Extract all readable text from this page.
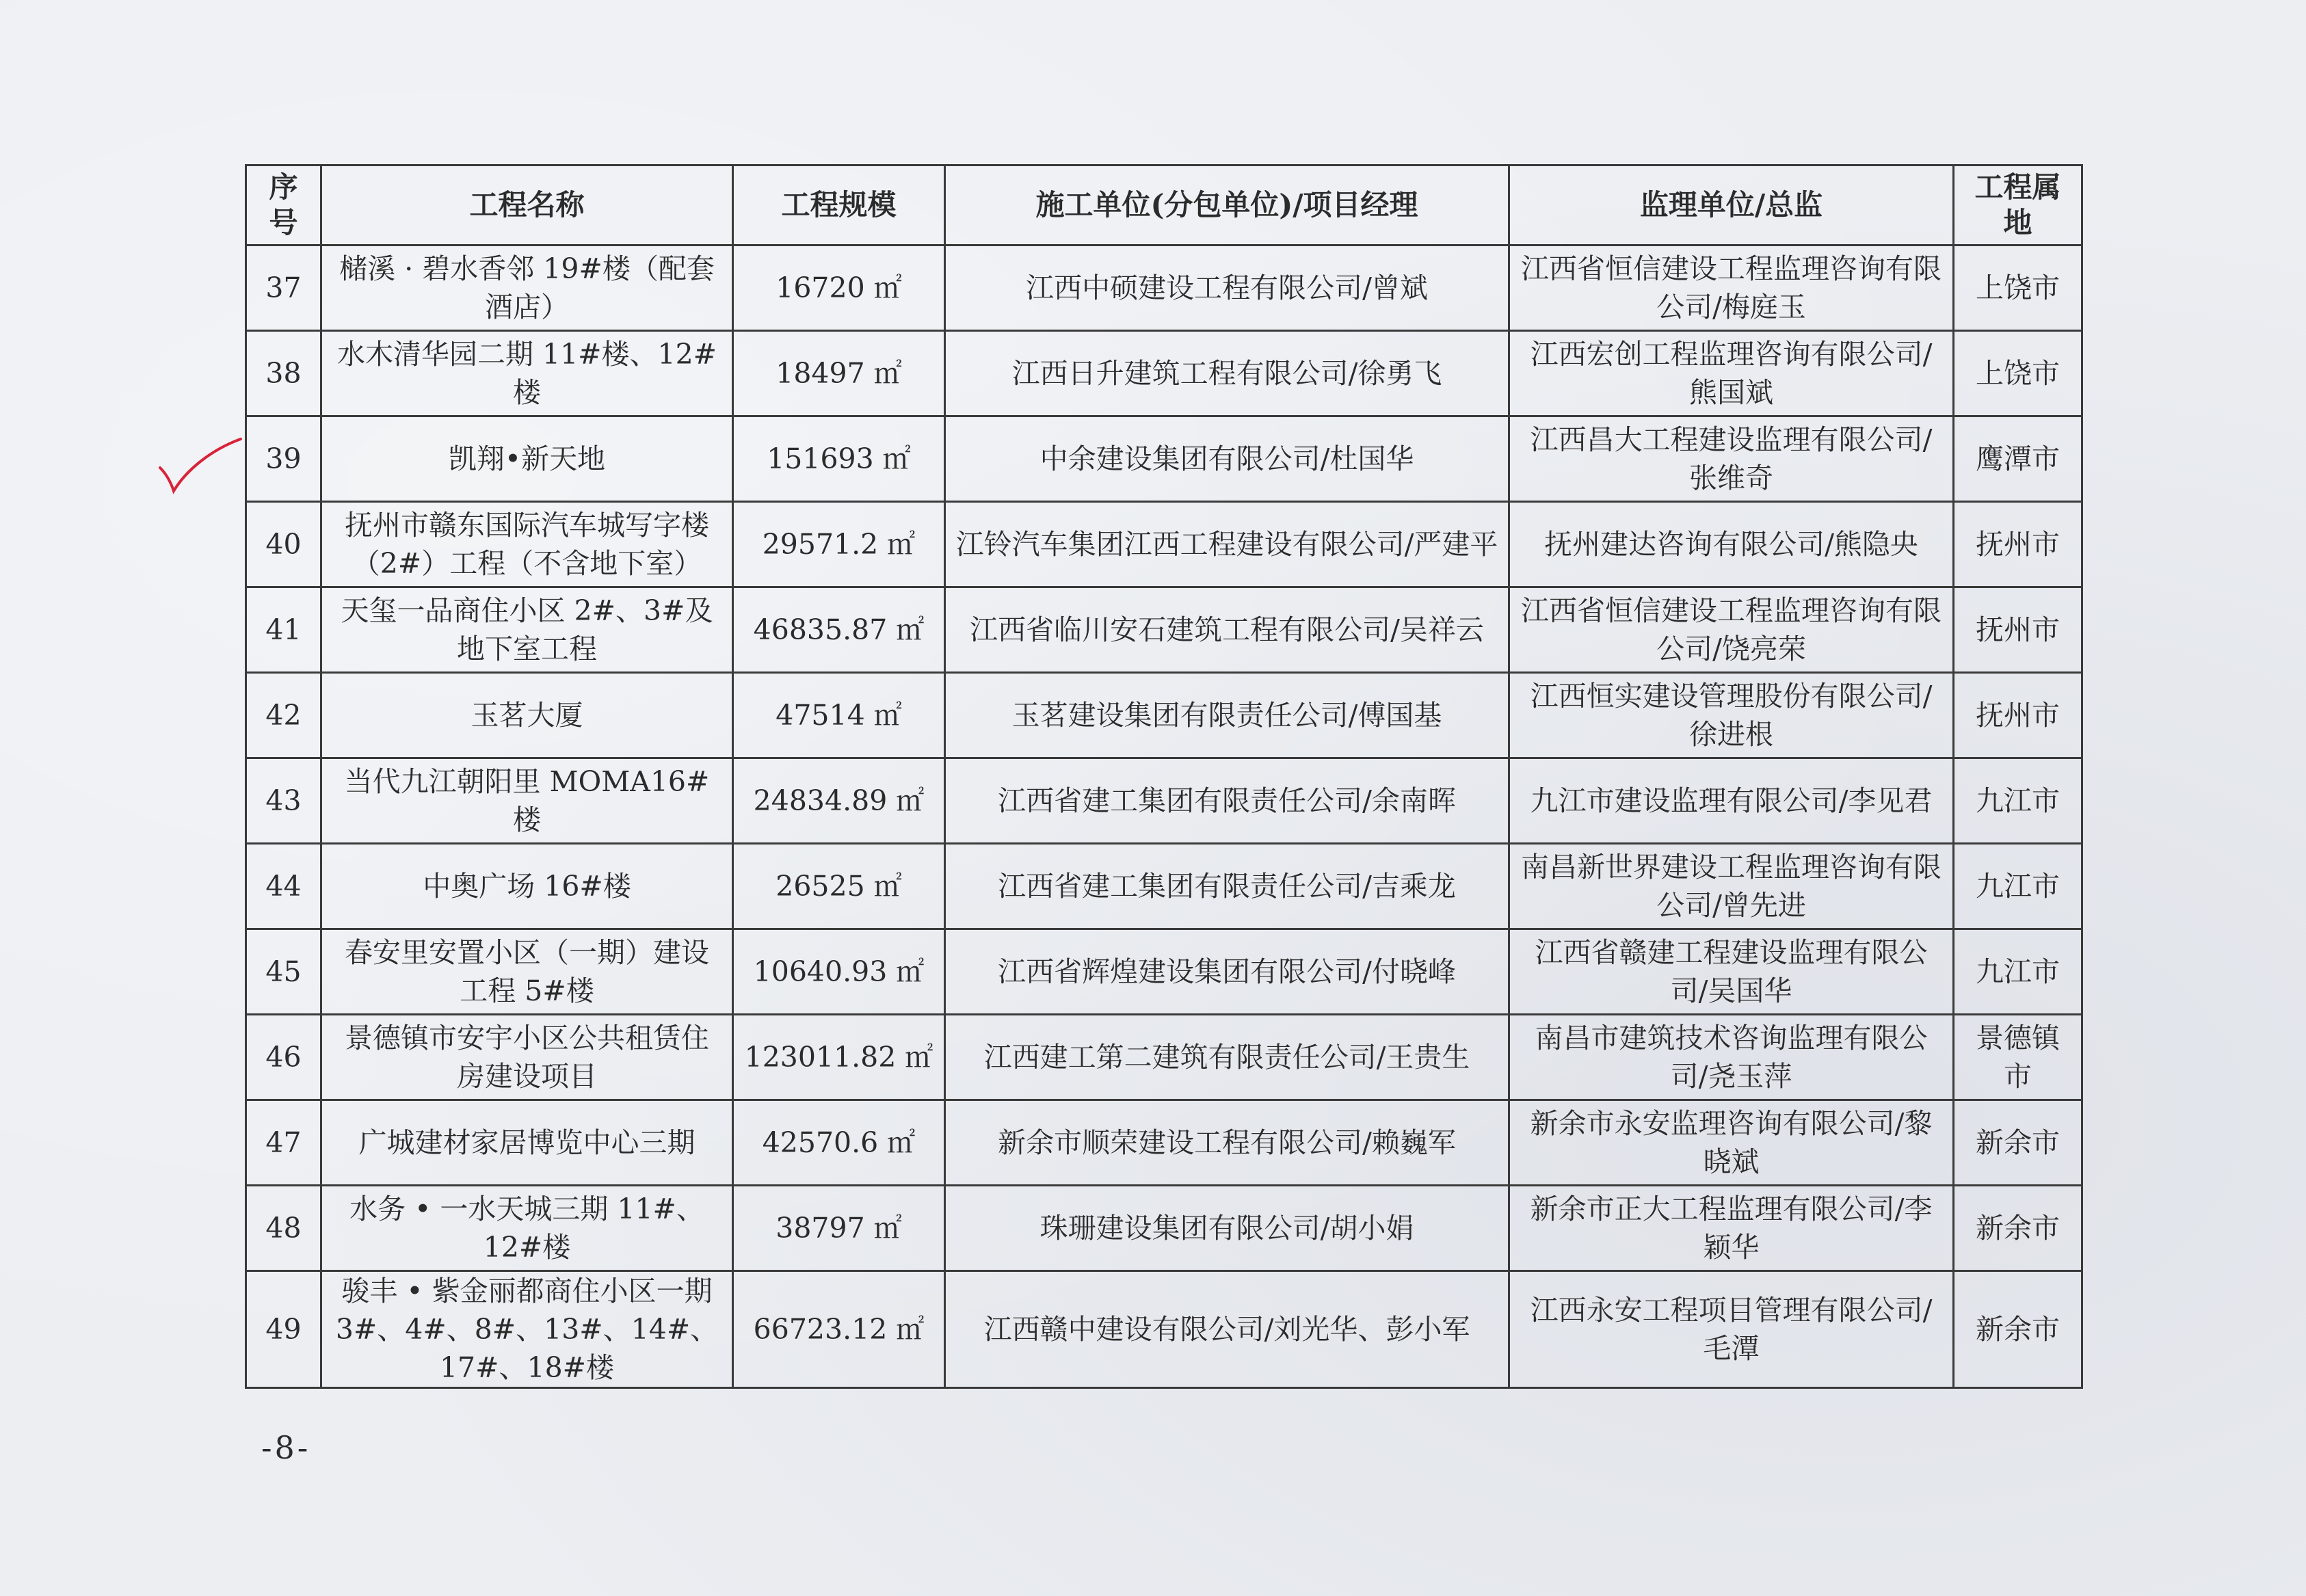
序号	工程名称	工程规模	施工单位(分包单位)/项目经理	监理单位/总监	工程属地
37	槠溪 · 碧水香邻 19#楼（配套酒店）	16720 ㎡	江西中硕建设工程有限公司/曾斌	江西省恒信建设工程监理咨询有限公司/梅庭玉	上饶市
38	水木清华园二期 11#楼、12#楼	18497 ㎡	江西日升建筑工程有限公司/徐勇飞	江西宏创工程监理咨询有限公司/熊国斌	上饶市
39	凯翔•新天地	151693 ㎡	中余建设集团有限公司/杜国华	江西昌大工程建设监理有限公司/张维奇	鹰潭市
40	抚州市赣东国际汽车城写字楼（2#）工程（不含地下室）	29571.2 ㎡	江铃汽车集团江西工程建设有限公司/严建平	抚州建达咨询有限公司/熊隐央	抚州市
41	天玺一品商住小区 2#、3#及地下室工程	46835.87 ㎡	江西省临川安石建筑工程有限公司/吴祥云	江西省恒信建设工程监理咨询有限公司/饶亮荣	抚州市
42	玉茗大厦	47514 ㎡	玉茗建设集团有限责任公司/傅国基	江西恒实建设管理股份有限公司/徐进根	抚州市
43	当代九江朝阳里 MOMA16#楼	24834.89 ㎡	江西省建工集团有限责任公司/余南晖	九江市建设监理有限公司/李见君	九江市
44	中奥广场 16#楼	26525 ㎡	江西省建工集团有限责任公司/吉乘龙	南昌新世界建设工程监理咨询有限公司/曾先进	九江市
45	春安里安置小区（一期）建设工程 5#楼	10640.93 ㎡	江西省辉煌建设集团有限公司/付晓峰	江西省赣建工程建设监理有限公司/吴国华	九江市
46	景德镇市安宇小区公共租赁住房建设项目	123011.82 ㎡	江西建工第二建筑有限责任公司/王贵生	南昌市建筑技术咨询监理有限公司/尧玉萍	景德镇市
47	广城建材家居博览中心三期	42570.6 ㎡	新余市顺荣建设工程有限公司/赖巍军	新余市永安监理咨询有限公司/黎晓斌	新余市
48	水务 • 一水天城三期 11#、12#楼	38797 ㎡	珠珊建设集团有限公司/胡小娟	新余市正大工程监理有限公司/李颖华	新余市
49	骏丰 • 紫金丽都商住小区一期 3#、4#、8#、13#、14#、17#、18#楼	66723.12 ㎡	江西赣中建设有限公司/刘光华、彭小军	江西永安工程项目管理有限公司/毛潭	新余市
-8-
